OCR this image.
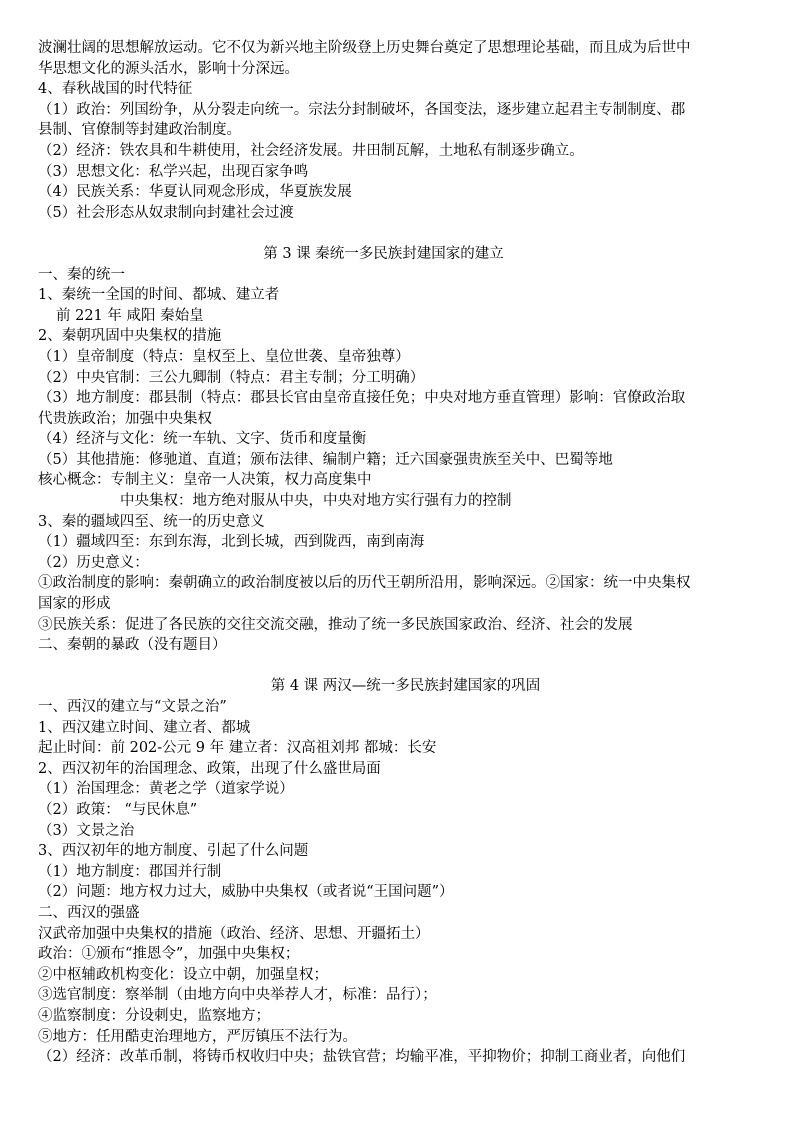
波澜壮阔的思想解放运动。它不仅为新兴地主阶级登上历史舞台奠定了思想理论基础，而且成为后世中
华思想文化的源头活水，影响十分深远。
4、春秋战国的时代特征
（1）政治：列国纷争，从分裂走向统一。宗法分封制破坏，各国变法，逐步建立起君主专制制度、郡
县制、官僚制等封建政治制度。
（2）经济：铁农具和牛耕使用，社会经济发展。井田制瓦解，土地私有制逐步确立。
（3）思想文化：私学兴起，出现百家争鸣
（4）民族关系：华夏认同观念形成，华夏族发展
（5）社会形态从奴隶制向封建社会过渡
第 3 课 秦统一多民族封建国家的建立
一、秦的统一
1、秦统一全国的时间、都城、建立者
前 221 年 咸阳 秦始皇
2、秦朝巩固中央集权的措施
（1）皇帝制度（特点：皇权至上、皇位世袭、皇帝独尊）
（2）中央官制：三公九卿制（特点：君主专制；分工明确）
（3）地方制度：郡县制（特点：郡县长官由皇帝直接任免；中央对地方垂直管理）影响：官僚政治取
代贵族政治；加强中央集权
（4）经济与文化：统一车轨、文字、货币和度量衡
（5）其他措施：修驰道、直道；颁布法律、编制户籍；迁六国豪强贵族至关中、巴蜀等地
核心概念：专制主义：皇帝一人决策，权力高度集中
中央集权：地方绝对服从中央，中央对地方实行强有力的控制
3、秦的疆域四至、统一的历史意义
（1）疆域四至：东到东海，北到长城，西到陇西，南到南海
（2）历史意义：
①政治制度的影响：秦朝确立的政治制度被以后的历代王朝所沿用，影响深远。②国家：统一中央集权
国家的形成
③民族关系：促进了各民族的交往交流交融，推动了统一多民族国家政治、经济、社会的发展
二、秦朝的暴政（没有题目）
第 4 课 两汉—统一多民族封建国家的巩固
一、西汉的建立与“文景之治”
1、西汉建立时间、建立者、都城
起止时间：前 202-公元 9 年 建立者：汉高祖刘邦 都城：长安
2、西汉初年的治国理念、政策，出现了什么盛世局面
（1）治国理念：黄老之学（道家学说）
（2）政策： “与民休息”
（3）文景之治
3、西汉初年的地方制度、引起了什么问题
（1）地方制度：郡国并行制
（2）问题：地方权力过大，威胁中央集权（或者说“王国问题”）
二、西汉的强盛
汉武帝加强中央集权的措施（政治、经济、思想、开疆拓土）
政治：①颁布“推恩令”，加强中央集权；
②中枢辅政机构变化：设立中朝，加强皇权；
③选官制度：察举制（由地方向中央举荐人才，标准：品行）；
④监察制度：分设刺史，监察地方；
⑤地方：任用酷吏治理地方，严厉镇压不法行为。
（2）经济：改革币制，将铸币权收归中央；盐铁官营；均输平准，平抑物价；抑制工商业者，向他们
